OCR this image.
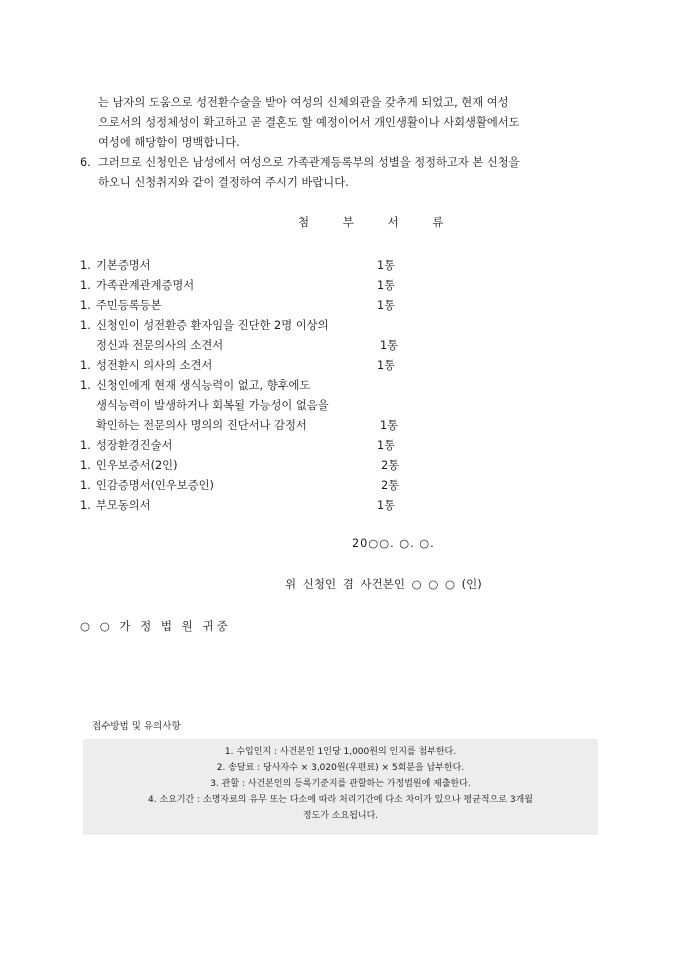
는 남자의 도움으로 성전환수술을 받아 여성의 신체외관을 갖추게 되었고, 현재 여성
으로서의 성정체성이 확고하고 곧 결혼도 할 예정이어서 개인생활이나 사회생활에서도
여성에 해당함이 명백합니다.
6. 그러므로 신청인은 남성에서 여성으로 가족관계등록부의 성별을 정정하고자 본 신청을
하오니 신청취지와 같이 결정하여 주시기 바랍니다.
첨 부 서 류
1. 기본증명서	1통
1. 가족관계관계증명서	1통
1. 주민등록등본	1통
1. 신청인이 성전환증 환자임을 진단한 2명 이상의
정신과 전문의사의 소견서	1통
1. 성전환시 의사의 소견서	1통
1. 신청인에게 현재 생식능력이 없고, 향후에도
생식능력이 발생하거나 회복될 가능성이 없음을
확인하는 전문의사 명의의 진단서나 감정서	1통
1. 성장환경진술서	1통
1. 인우보증서(2인)	2통
1. 인감증명서(인우보증인)	2통
1. 부모동의서	1통
20○○. ○. ○.
위 신청인 겸 사건본인 ○ ○ ○ (인)
○ ○ 가 정 법 원 귀중
접수방법 및 유의사항
1. 수입인지 : 사건본인 1인당 1,000원의 인지를 첨부한다.
2. 송달료 : 당사자수 × 3,020원(우편료) × 5회분을 납부한다.
3. 관할 : 사건본인의 등록기준지를 관할하는 가정법원에 제출한다.
4. 소요기간 : 소명자료의 유무 또는 다소에 따라 처리기간에 다소 차이가 있으나 평균적으로 3개월
정도가 소요됩니다.
